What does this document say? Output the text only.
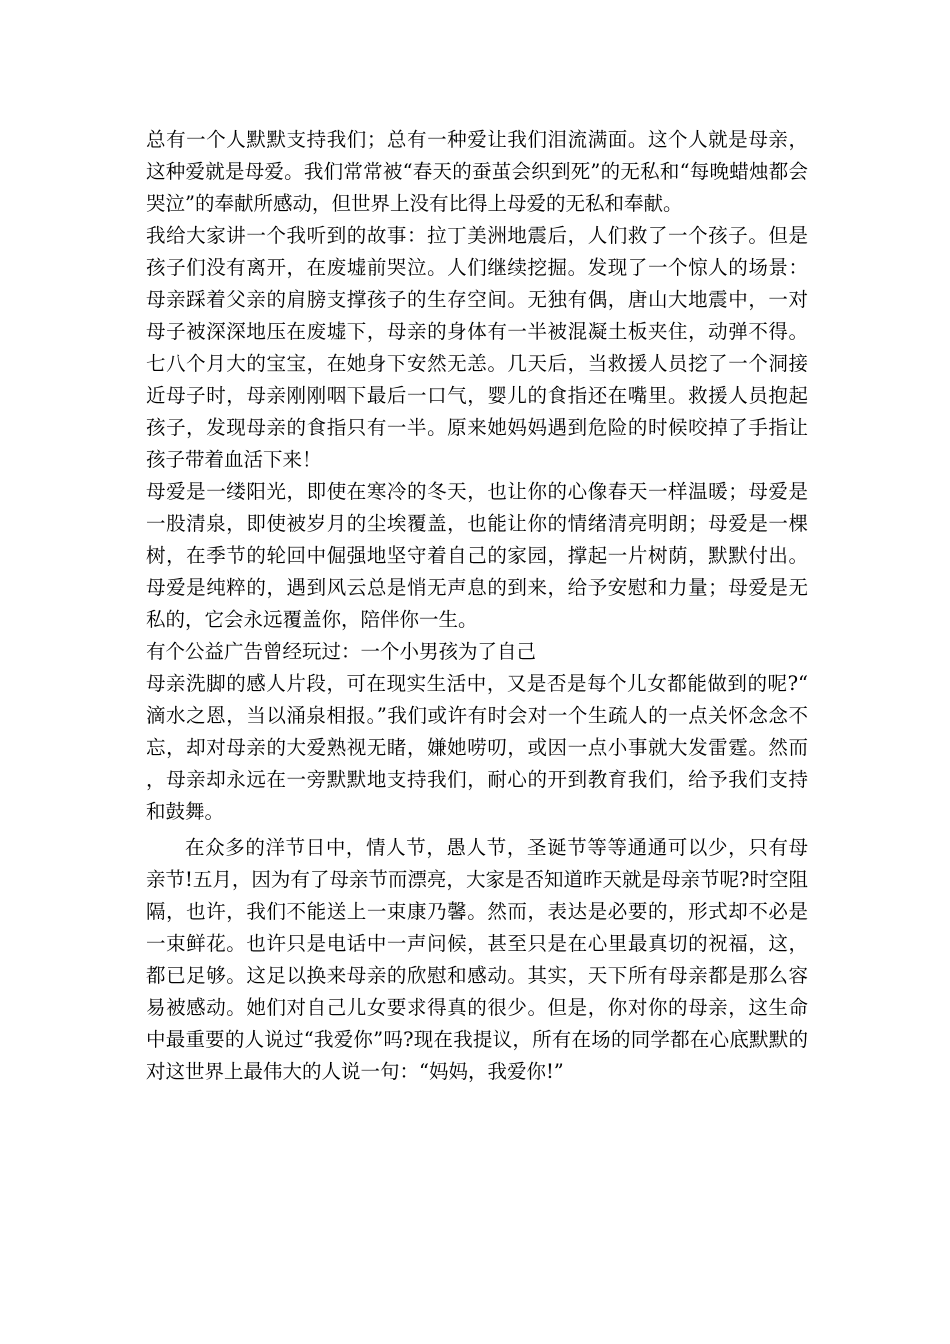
总有一个人默默支持我们；总有一种爱让我们泪流满面。这个人就是母亲，这种爱就是母爱。我们常常被“春天的蚕茧会织到死”的无私和“每晚蜡烛都会哭泣”的奉献所感动，但世界上没有比得上母爱的无私和奉献。

我给大家讲一个我听到的故事：拉丁美洲地震后，人们救了一个孩子。但是孩子们没有离开，在废墟前哭泣。人们继续挖掘。发现了一个惊人的场景：母亲踩着父亲的肩膀支撑孩子的生存空间。无独有偶，唐山大地震中，一对母子被深深地压在废墟下，母亲的身体有一半被混凝土板夹住，动弹不得。七八个月大的宝宝，在她身下安然无恙。几天后，当救援人员挖了一个洞接近母子时，母亲刚刚咽下最后一口气，婴儿的食指还在嘴里。救援人员抱起孩子，发现母亲的食指只有一半。原来她妈妈遇到危险的时候咬掉了手指让孩子带着血活下来！

母爱是一缕阳光，即使在寒冷的冬天，也让你的心像春天一样温暖；母爱是一股清泉，即使被岁月的尘埃覆盖，也能让你的情绪清亮明朗；母爱是一棵树，在季节的轮回中倔强地坚守着自己的家园，撑起一片树荫，默默付出。母爱是纯粹的，遇到风云总是悄无声息的到来，给予安慰和力量；母爱是无私的，它会永远覆盖你，陪伴你一生。

有个公益广告曾经玩过：一个小男孩为了自己

母亲洗脚的感人片段，可在现实生活中，又是否是每个儿女都能做到的呢?“滴水之恩，当以涌泉相报。”我们或许有时会对一个生疏人的一点关怀念念不忘，却对母亲的大爱熟视无睹，嫌她唠叨，或因一点小事就大发雷霆。然而，母亲却永远在一旁默默地支持我们，耐心的开到教育我们，给予我们支持和鼓舞。

在众多的洋节日中，情人节，愚人节，圣诞节等等通通可以少，只有母亲节!五月，因为有了母亲节而漂亮，大家是否知道昨天就是母亲节呢?时空阻隔，也许，我们不能送上一束康乃馨。然而，表达是必要的，形式却不必是一束鲜花。也许只是电话中一声问候，甚至只是在心里最真切的祝福，这，都已足够。这足以换来母亲的欣慰和感动。其实，天下所有母亲都是那么容易被感动。她们对自己儿女要求得真的很少。但是，你对你的母亲，这生命中最重要的人说过“我爱你”吗?现在我提议，所有在场的同学都在心底默默的对这世界上最伟大的人说一句：“妈妈，我爱你!”
